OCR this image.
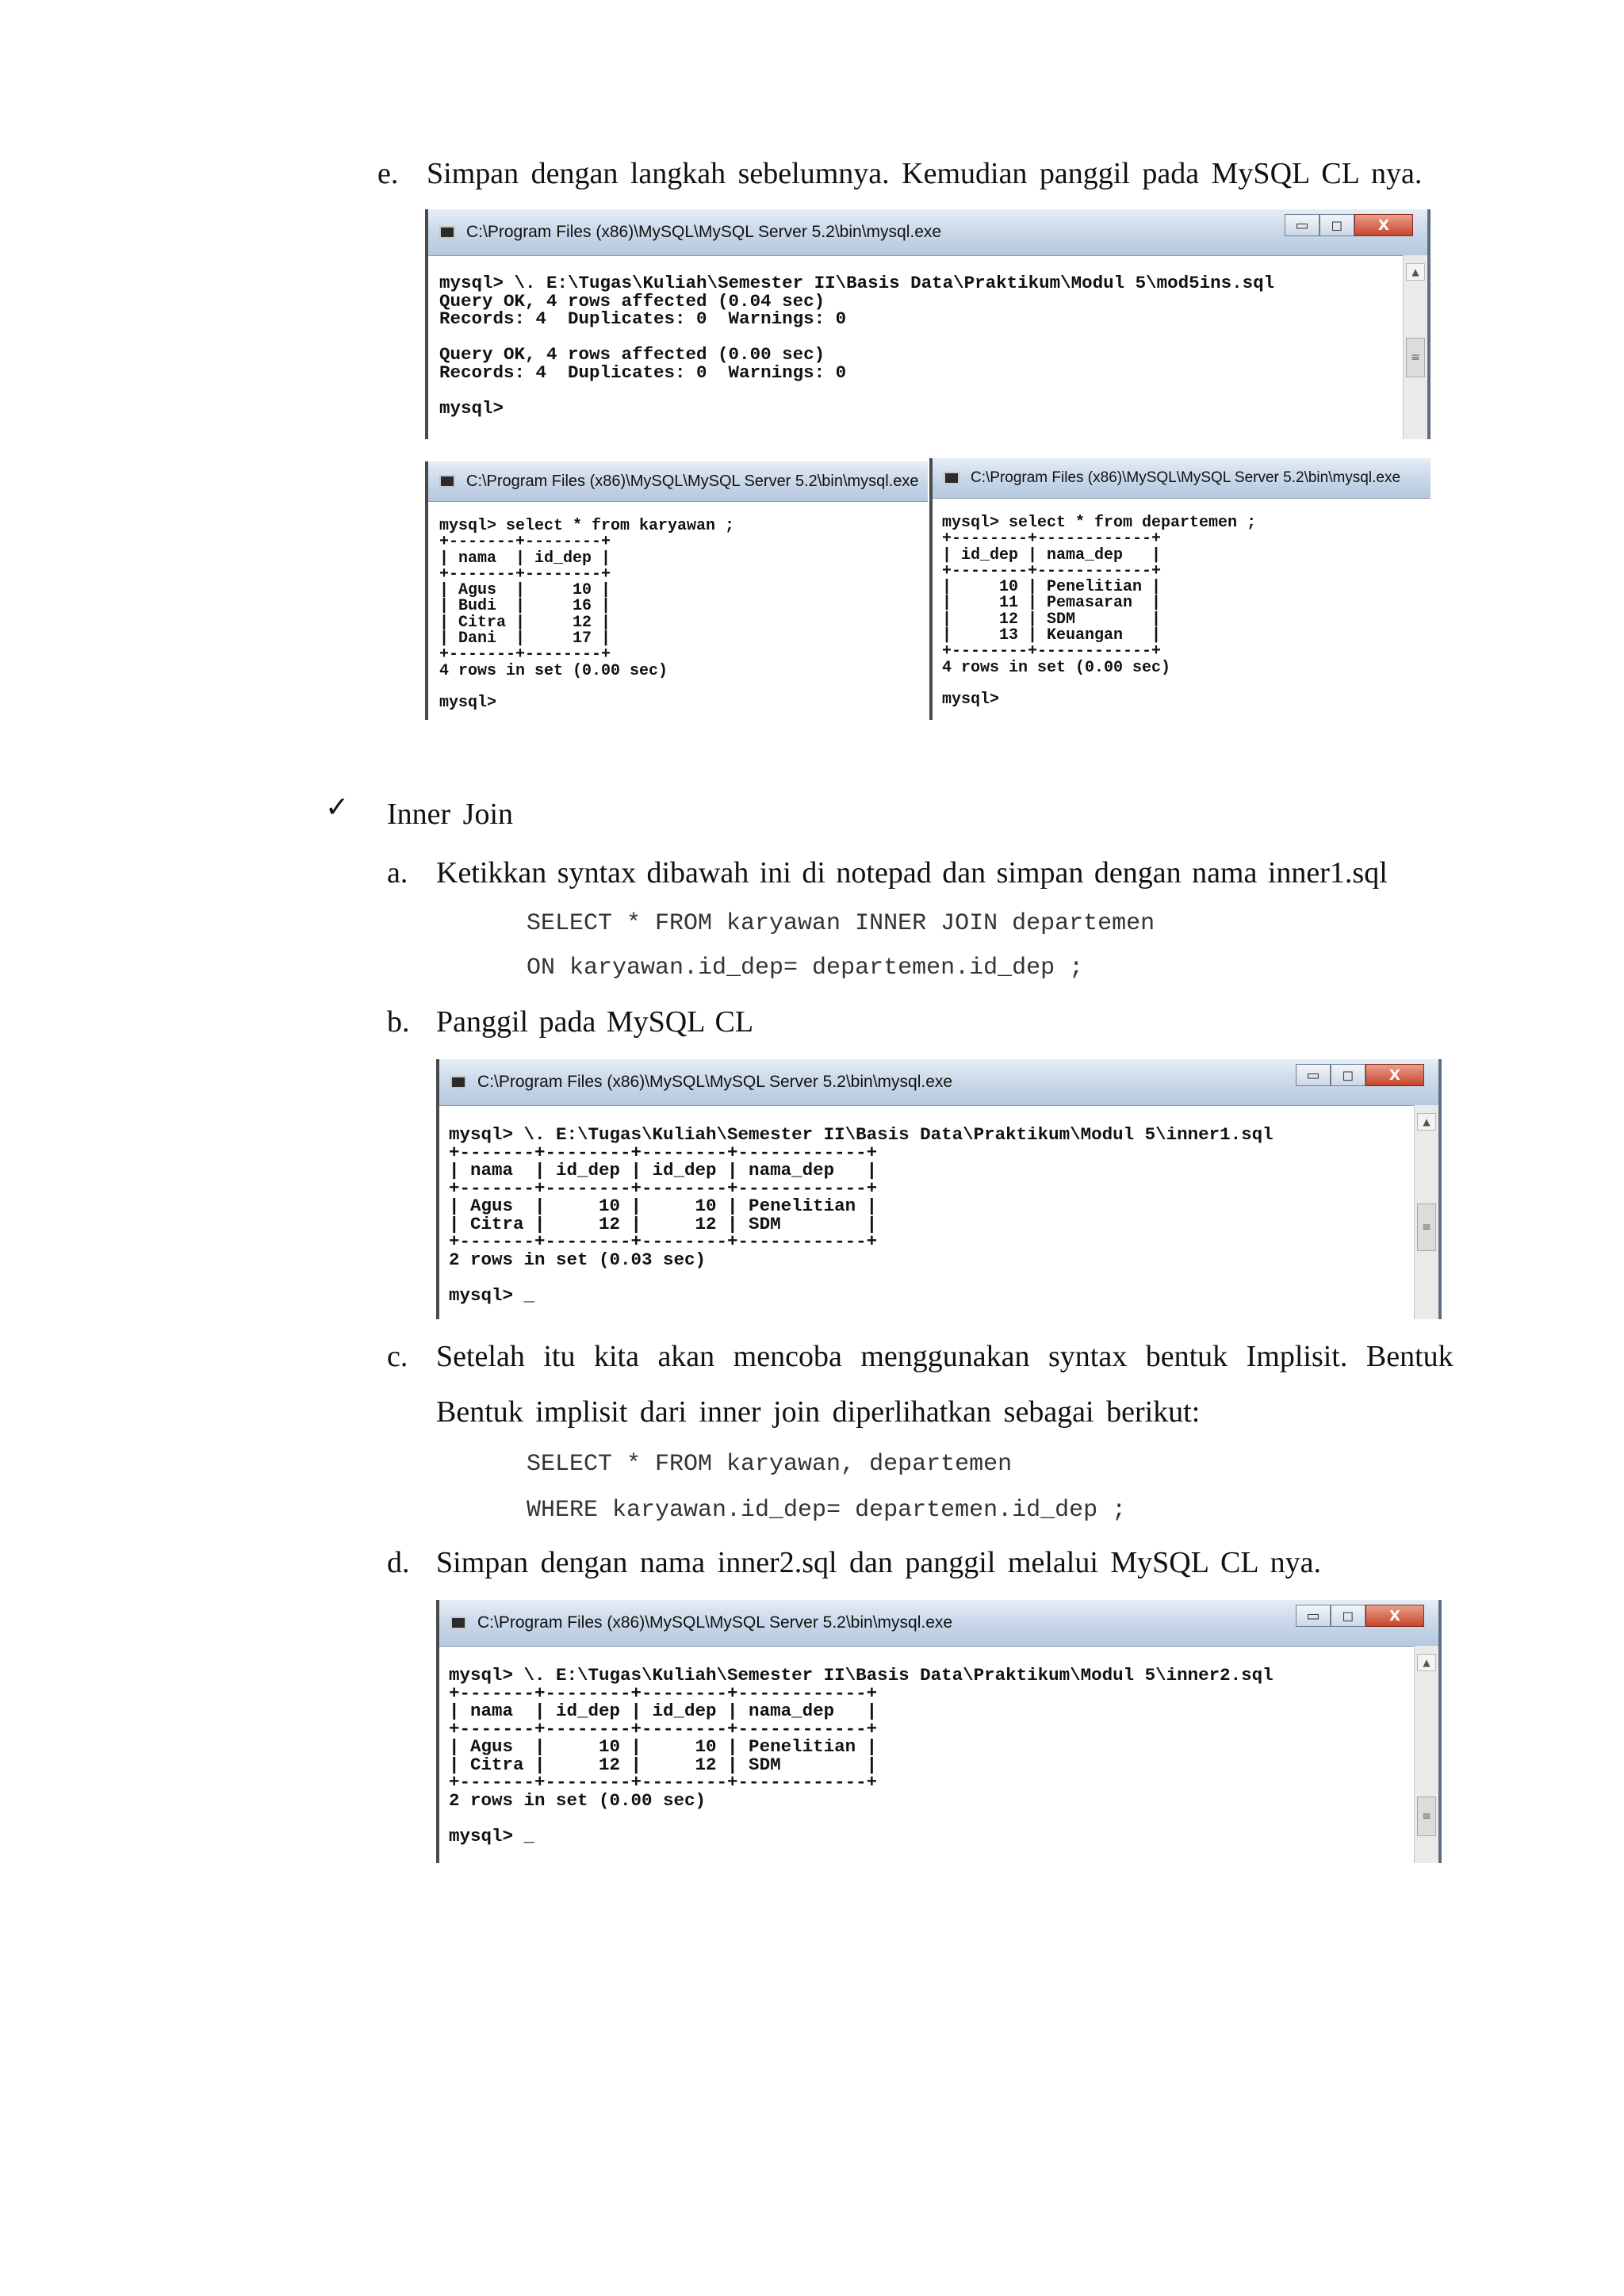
e. Simpan dengan langkah sebelumnya. Kemudian panggil pada MySQL CL nya.
C:\Program Files (x86)\MySQL\MySQL Server 5.2\bin\mysql.exe	▭	◻	X
mysql> \. E:\Tugas\Kuliah\Semester II\Basis Data\Praktikum\Modul 5\mod5ins.sql
Query OK, 4 rows affected (0.04 sec)
Records: 4  Duplicates: 0  Warnings: 0

Query OK, 4 rows affected (0.00 sec)
Records: 4  Duplicates: 0  Warnings: 0

mysql>
▲
≡
C:\Program Files (x86)\MySQL\MySQL Server 5.2\bin\mysql.exe
mysql> select * from karyawan ;
+-------+--------+
| nama  | id_dep |
+-------+--------+
| Agus  |     10 |
| Budi  |     16 |
| Citra |     12 |
| Dani  |     17 |
+-------+--------+
4 rows in set (0.00 sec)

mysql>
C:\Program Files (x86)\MySQL\MySQL Server 5.2\bin\mysql.exe
mysql> select * from departemen ;
+--------+------------+
| id_dep | nama_dep   |
+--------+------------+
|     10 | Penelitian |
|     11 | Pemasaran  |
|     12 | SDM        |
|     13 | Keuangan   |
+--------+------------+
4 rows in set (0.00 sec)

mysql>
✓ Inner Join
a. Ketikkan syntax dibawah ini di notepad dan simpan dengan nama inner1.sql
SELECT * FROM karyawan INNER JOIN departemen
ON karyawan.id_dep= departemen.id_dep ;
b. Panggil pada MySQL CL
C:\Program Files (x86)\MySQL\MySQL Server 5.2\bin\mysql.exe	▭	◻	X
mysql> \. E:\Tugas\Kuliah\Semester II\Basis Data\Praktikum\Modul 5\inner1.sql
+-------+--------+--------+------------+
| nama  | id_dep | id_dep | nama_dep   |
+-------+--------+--------+------------+
| Agus  |     10 |     10 | Penelitian |
| Citra |     12 |     12 | SDM        |
+-------+--------+--------+------------+
2 rows in set (0.03 sec)

mysql> _
▲
≡
c. Setelah itu kita akan mencoba menggunakan syntax bentuk Implisit. Bentuk
Bentuk implisit dari inner join diperlihatkan sebagai berikut:
SELECT * FROM karyawan, departemen
WHERE karyawan.id_dep= departemen.id_dep ;
d. Simpan dengan nama inner2.sql dan panggil melalui MySQL CL nya.
C:\Program Files (x86)\MySQL\MySQL Server 5.2\bin\mysql.exe	▭	◻	X
mysql> \. E:\Tugas\Kuliah\Semester II\Basis Data\Praktikum\Modul 5\inner2.sql
+-------+--------+--------+------------+
| nama  | id_dep | id_dep | nama_dep   |
+-------+--------+--------+------------+
| Agus  |     10 |     10 | Penelitian |
| Citra |     12 |     12 | SDM        |
+-------+--------+--------+------------+
2 rows in set (0.00 sec)

mysql> _
▲
≡
